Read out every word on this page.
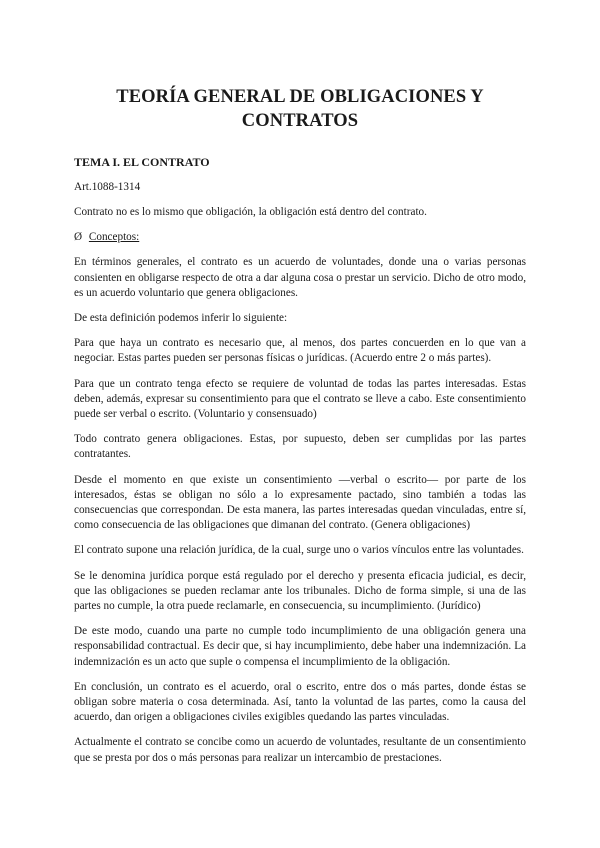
TEORÍA GENERAL DE OBLIGACIONES Y
CONTRATOS
TEMA I. EL CONTRATO

Art.1088-1314

Contrato no es lo mismo que obligación, la obligación está dentro del contrato.

Ø Conceptos:

En términos generales, el contrato es un acuerdo de voluntades, donde una o varias personas consienten en obligarse respecto de otra a dar alguna cosa o prestar un servicio. Dicho de otro modo, es un acuerdo voluntario que genera obligaciones.

De esta definición podemos inferir lo siguiente:

Para que haya un contrato es necesario que, al menos, dos partes concuerden en lo que van a negociar. Estas partes pueden ser personas físicas o jurídicas. (Acuerdo entre 2 o más partes).

Para que un contrato tenga efecto se requiere de voluntad de todas las partes interesadas. Estas deben, además, expresar su consentimiento para que el contrato se lleve a cabo. Este consentimiento puede ser verbal o escrito. (Voluntario y consensuado)

Todo contrato genera obligaciones. Estas, por supuesto, deben ser cumplidas por las partes contratantes.

Desde el momento en que existe un consentimiento —verbal o escrito— por parte de los interesados, éstas se obligan no sólo a lo expresamente pactado, sino también a todas las consecuencias que correspondan. De esta manera, las partes interesadas quedan vinculadas, entre sí, como consecuencia de las obligaciones que dimanan del contrato. (Genera obligaciones)

El contrato supone una relación jurídica, de la cual, surge uno o varios vínculos entre las voluntades.

Se le denomina jurídica porque está regulado por el derecho y presenta eficacia judicial, es decir, que las obligaciones se pueden reclamar ante los tribunales. Dicho de forma simple, si una de las partes no cumple, la otra puede reclamarle, en consecuencia, su incumplimiento. (Jurídico)

De este modo, cuando una parte no cumple todo incumplimiento de una obligación genera una responsabilidad contractual. Es decir que, si hay incumplimiento, debe haber una indemnización. La indemnización es un acto que suple o compensa el incumplimiento de la obligación.

En conclusión, un contrato es el acuerdo, oral o escrito, entre dos o más partes, donde éstas se obligan sobre materia o cosa determinada. Así, tanto la voluntad de las partes, como la causa del acuerdo, dan origen a obligaciones civiles exigibles quedando las partes vinculadas.

Actualmente el contrato se concibe como un acuerdo de voluntades, resultante de un consentimiento que se presta por dos o más personas para realizar un intercambio de prestaciones.
